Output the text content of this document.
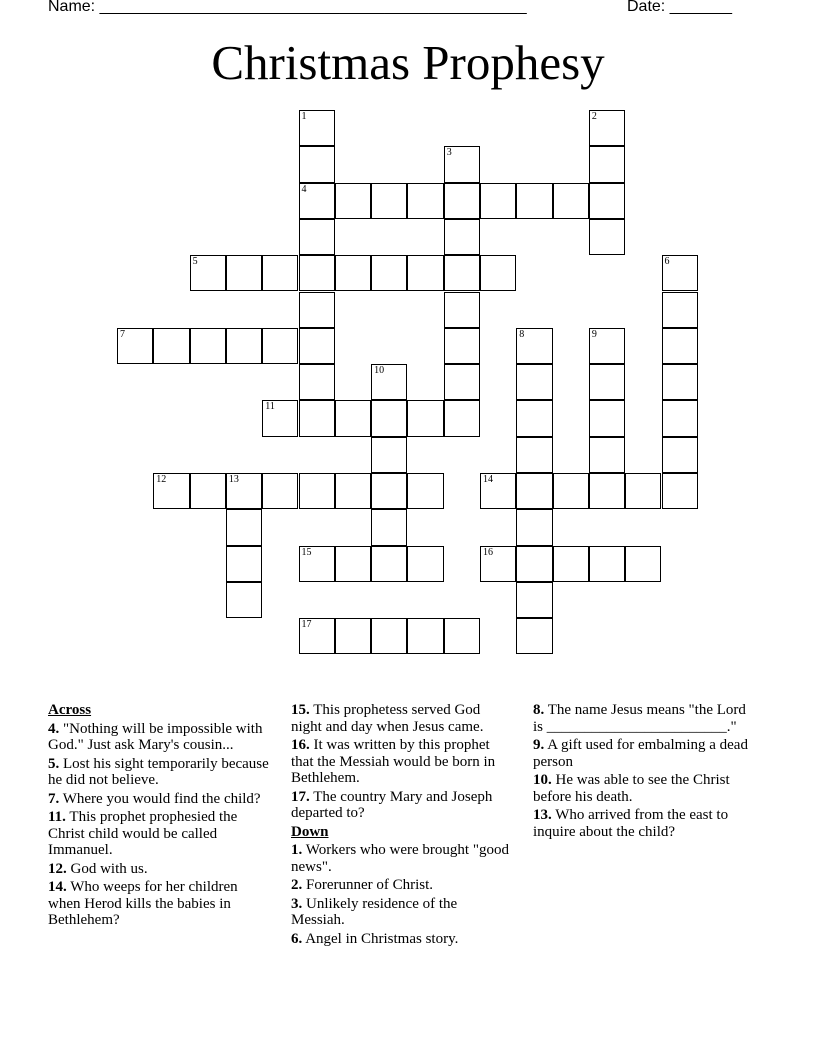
Name: ________________________________________________	Date: _______
Christmas Prophesy
4
5
7
11
12	13	14
15	16
17
1	2
3
6
8	9
10
Across
4. "Nothing will be impossible with God." Just ask Mary's cousin...
5. Lost his sight temporarily because he did not believe.
7. Where you would find the child?
11. This prophet prophesied the Christ child would be called Immanuel.
12. God with us.
14. Who weeps for her children when Herod kills the babies in Bethlehem?
15. This prophetess served God night and day when Jesus came.
16. It was written by this prophet that the Messiah would be born in Bethlehem.
17. The country Mary and Joseph departed to?
Down
1. Workers who were brought "good news".
2. Forerunner of Christ.
3. Unlikely residence of the Messiah.
6. Angel in Christmas story.
8. The name Jesus means "the Lord is ________________________."
9. A gift used for embalming a dead person
10. He was able to see the Christ before his death.
13. Who arrived from the east to inquire about the child?
